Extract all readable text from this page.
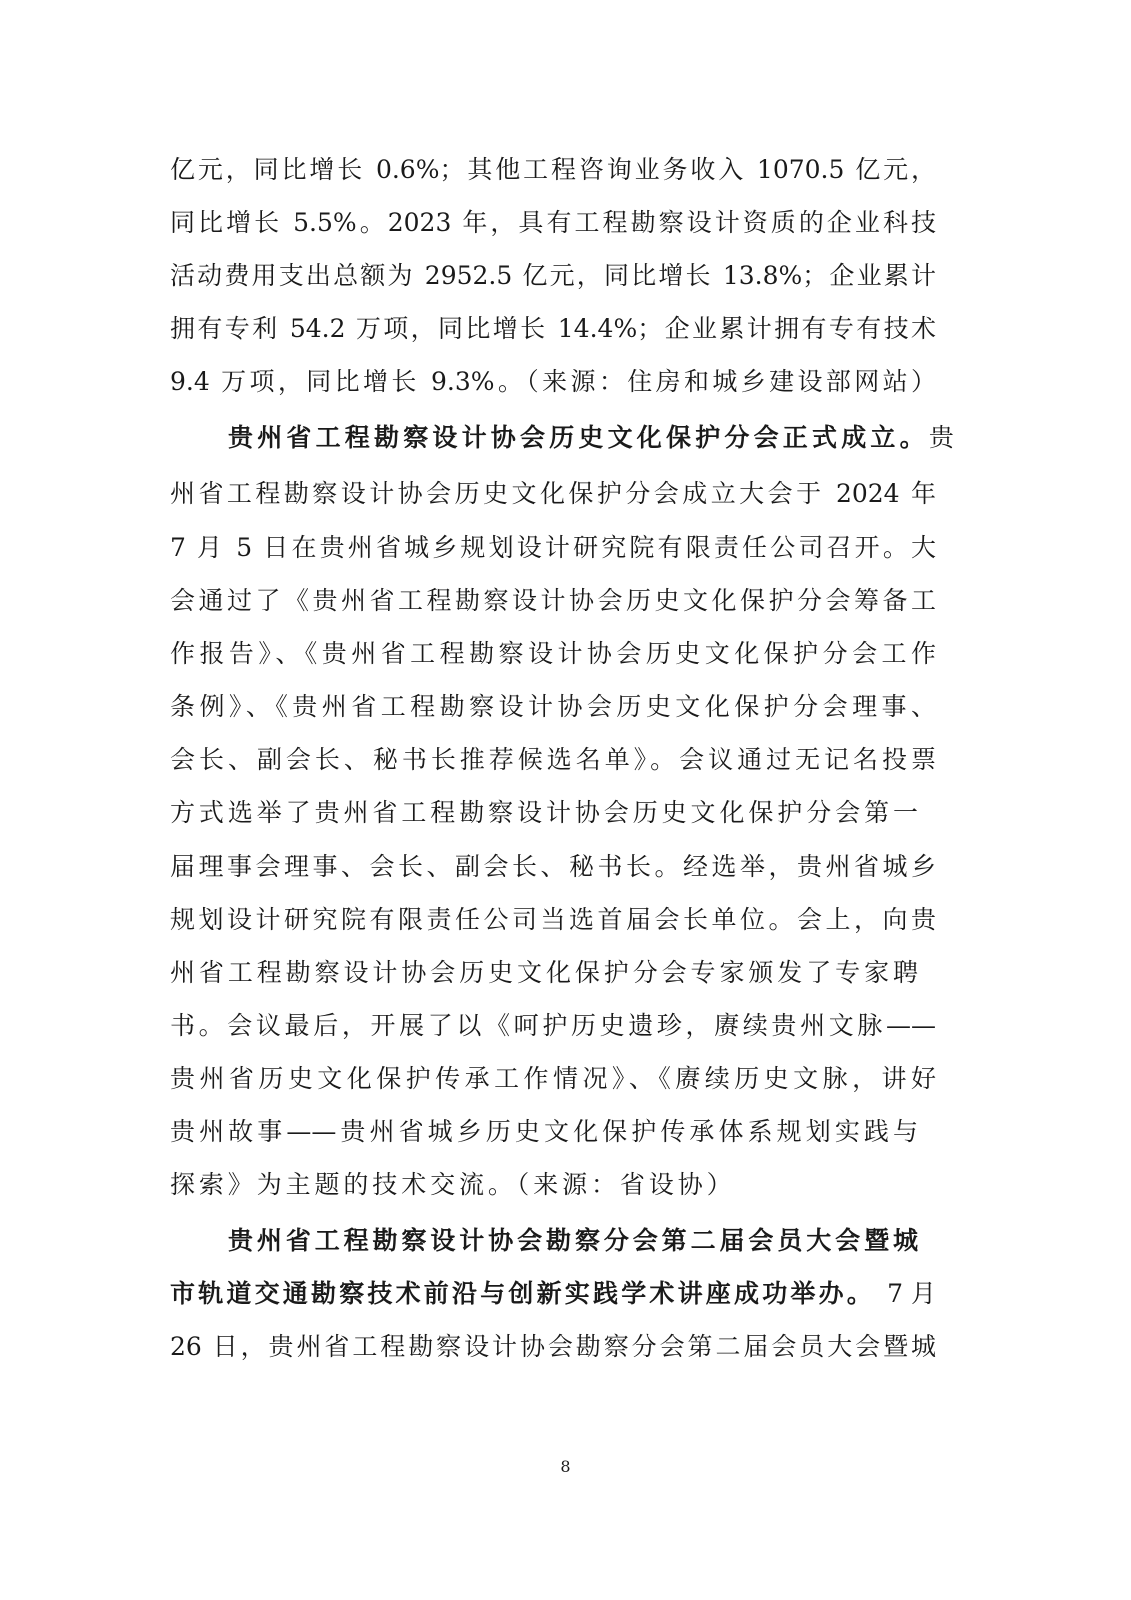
亿元，同比增长 0.6%；其他工程咨询业务收入 1070.5 亿元，
同比增长 5.5%。2023 年，具有工程勘察设计资质的企业科技
活动费用支出总额为 2952.5 亿元，同比增长 13.8%；企业累计
拥有专利 54.2 万项，同比增长 14.4%；企业累计拥有专有技术
9.4 万项，同比增长 9.3%。（来源：住房和城乡建设部网站）
贵州省工程勘察设计协会历史文化保护分会正式成立。 贵
州省工程勘察设计协会历史文化保护分会成立大会于 2024 年
7 月 5 日在贵州省城乡规划设计研究院有限责任公司召开。大
会通过了《贵州省工程勘察设计协会历史文化保护分会筹备工
作报告》、《贵州省工程勘察设计协会历史文化保护分会工作
条例》、《贵州省工程勘察设计协会历史文化保护分会理事、
会长、副会长、秘书长推荐候选名单》。会议通过无记名投票
方式选举了贵州省工程勘察设计协会历史文化保护分会第一
届理事会理事、会长、副会长、秘书长。经选举，贵州省城乡
规划设计研究院有限责任公司当选首届会长单位。会上，向贵
州省工程勘察设计协会历史文化保护分会专家颁发了专家聘
书。会议最后，开展了以《呵护历史遗珍，赓续贵州文脉——
贵州省历史文化保护传承工作情况》、《赓续历史文脉，讲好
贵州故事——贵州省城乡历史文化保护传承体系规划实践与
探索》为主题的技术交流。（来源：省设协）
贵州省工程勘察设计协会勘察分会第二届会员大会暨城
市轨道交通勘察技术前沿与创新实践学术讲座成功举办。 7 月
26 日，贵州省工程勘察设计协会勘察分会第二届会员大会暨城
8
